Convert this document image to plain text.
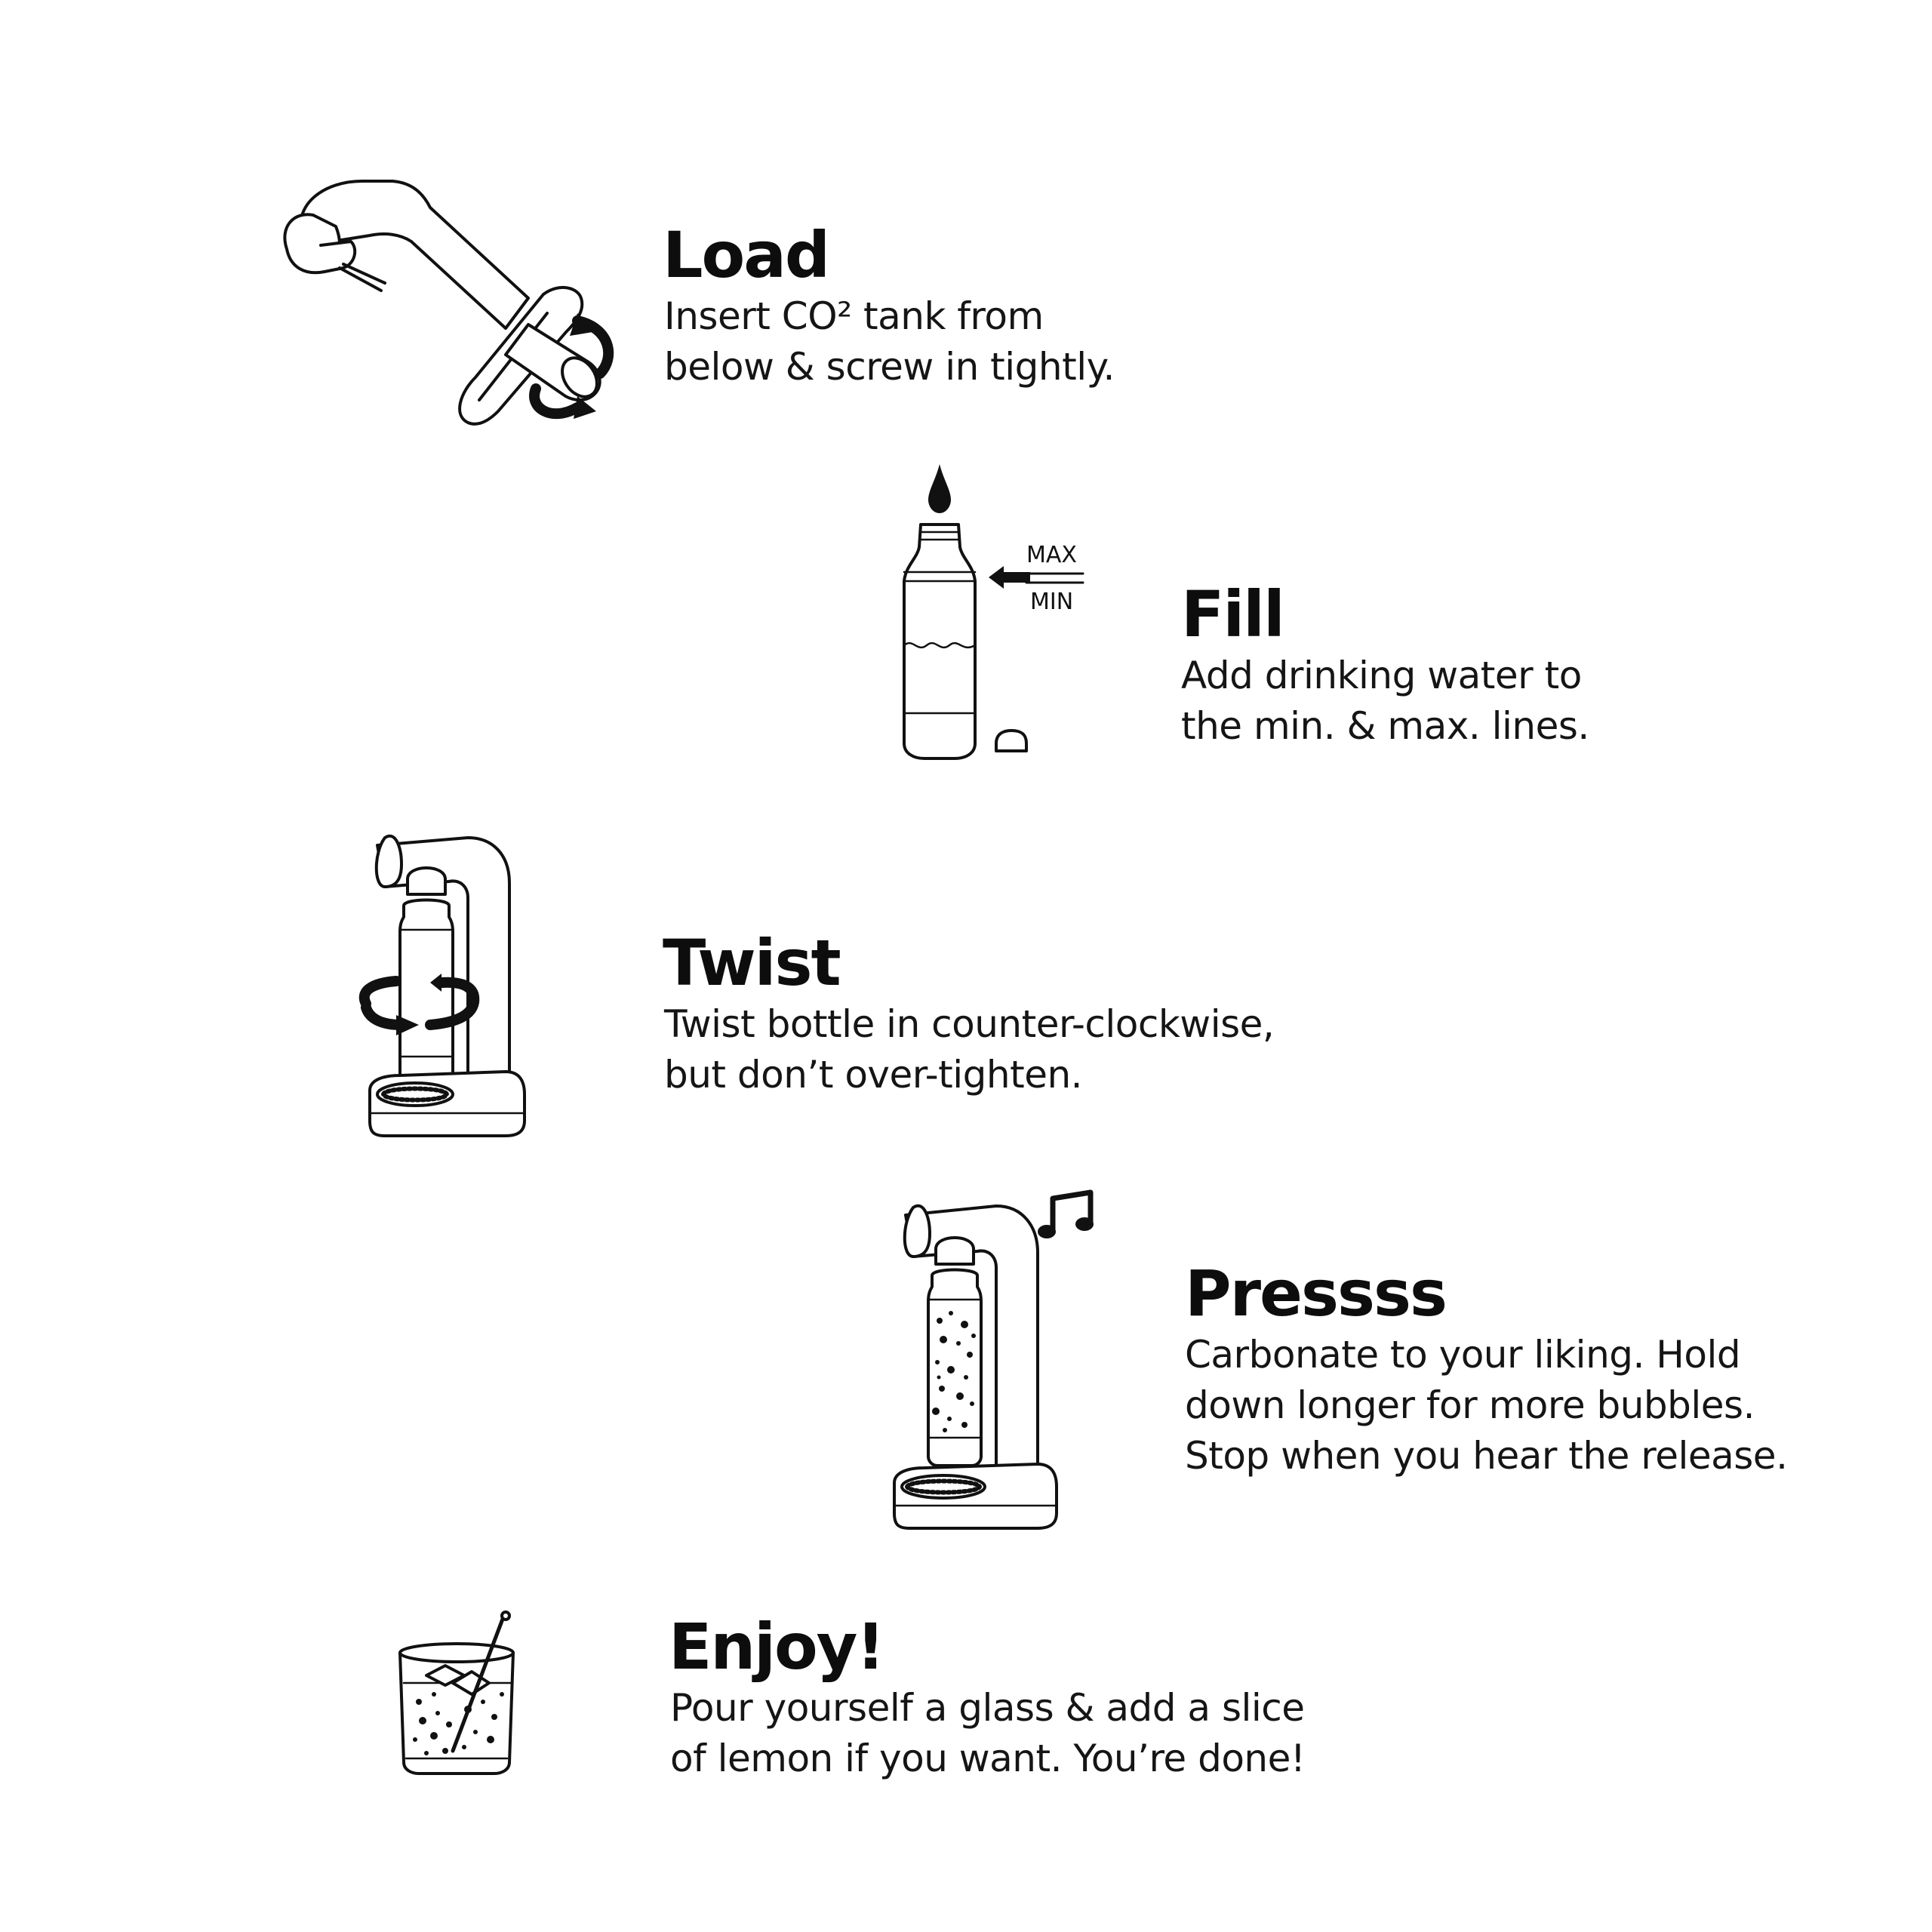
Load

Insert CO² tank from
below & screw in tightly.

MAX
MIN Fill

Add drinking water to
the min. & max. lines.

Twist

Twist bottle in counter-clockwise,
but don’t over-tighten.

Pressss

Carbonate to your liking. Hold
down longer for more bubbles.
Stop when you hear the release.

Enjoy!

Pour yourself a glass & add a slice
of lemon if you want. You’re done!
